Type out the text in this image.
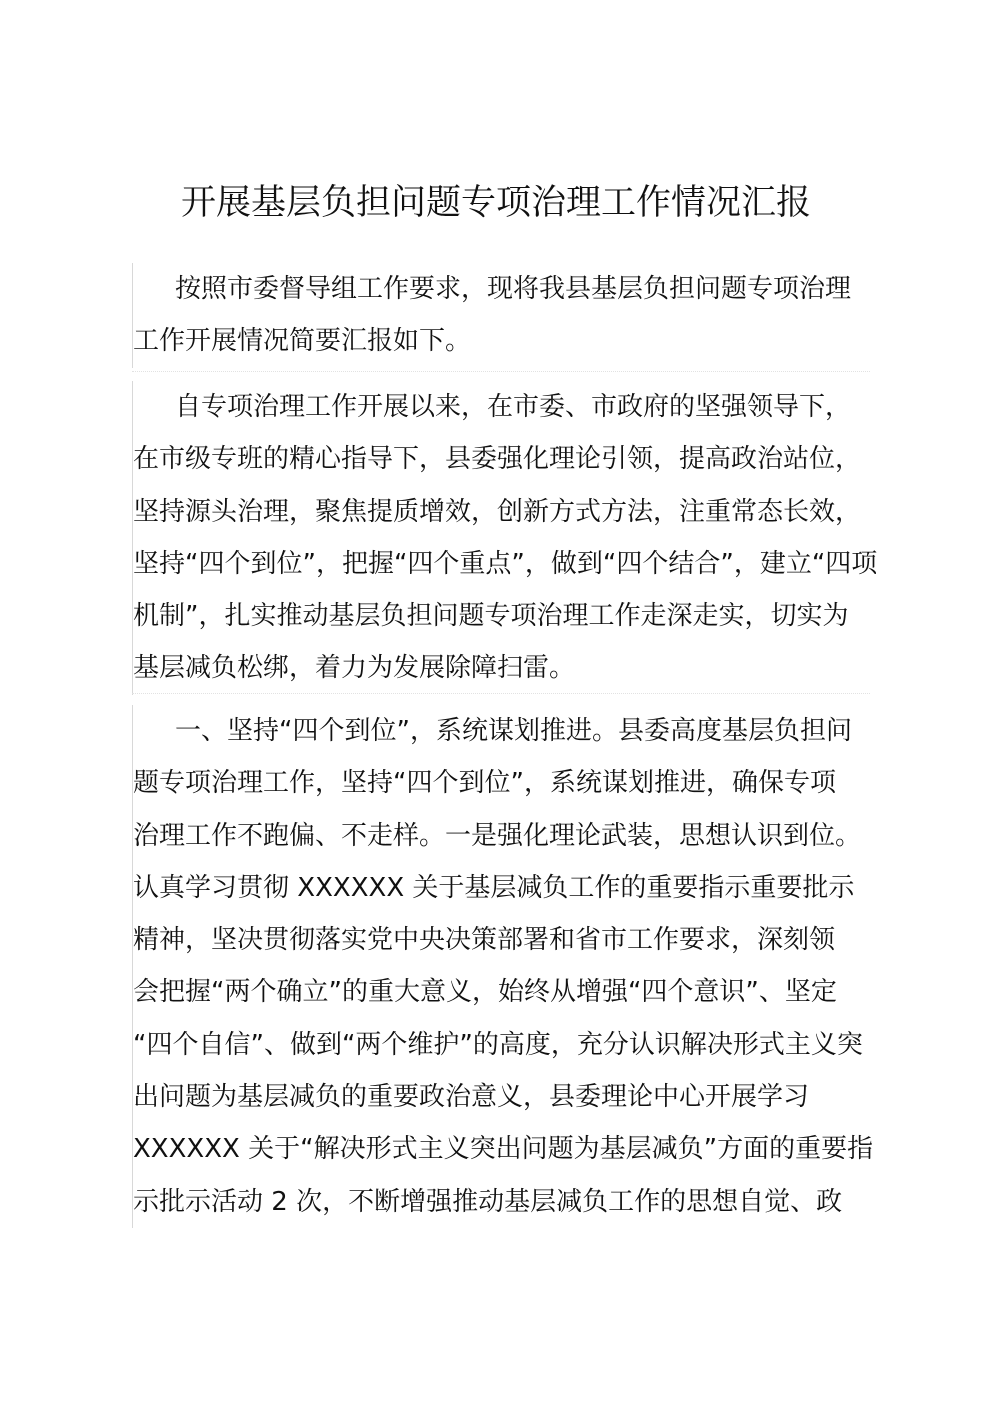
开展基层负担问题专项治理工作情况汇报
按照市委督导组工作要求，现将我县基层负担问题专项治理
工作开展情况简要汇报如下。
自专项治理工作开展以来，在市委、市政府的坚强领导下，
在市级专班的精心指导下，县委强化理论引领，提高政治站位，
坚持源头治理，聚焦提质增效，创新方式方法，注重常态长效，
坚持“四个到位”，把握“四个重点”，做到“四个结合”，建立“四项
机制”，扎实推动基层负担问题专项治理工作走深走实，切实为
基层减负松绑，着力为发展除障扫雷。
一、坚持“四个到位”，系统谋划推进。县委高度基层负担问
题专项治理工作，坚持“四个到位”，系统谋划推进，确保专项
治理工作不跑偏、不走样。一是强化理论武装，思想认识到位。
认真学习贯彻 XXXXXX 关于基层减负工作的重要指示重要批示
精神，坚决贯彻落实党中央决策部署和省市工作要求，深刻领
会把握“两个确立”的重大意义，始终从增强“四个意识”、坚定
“四个自信”、做到“两个维护”的高度，充分认识解决形式主义突
出问题为基层减负的重要政治意义，县委理论中心开展学习
XXXXXX 关于“解决形式主义突出问题为基层减负”方面的重要指
示批示活动 2 次，不断增强推动基层减负工作的思想自觉、政
